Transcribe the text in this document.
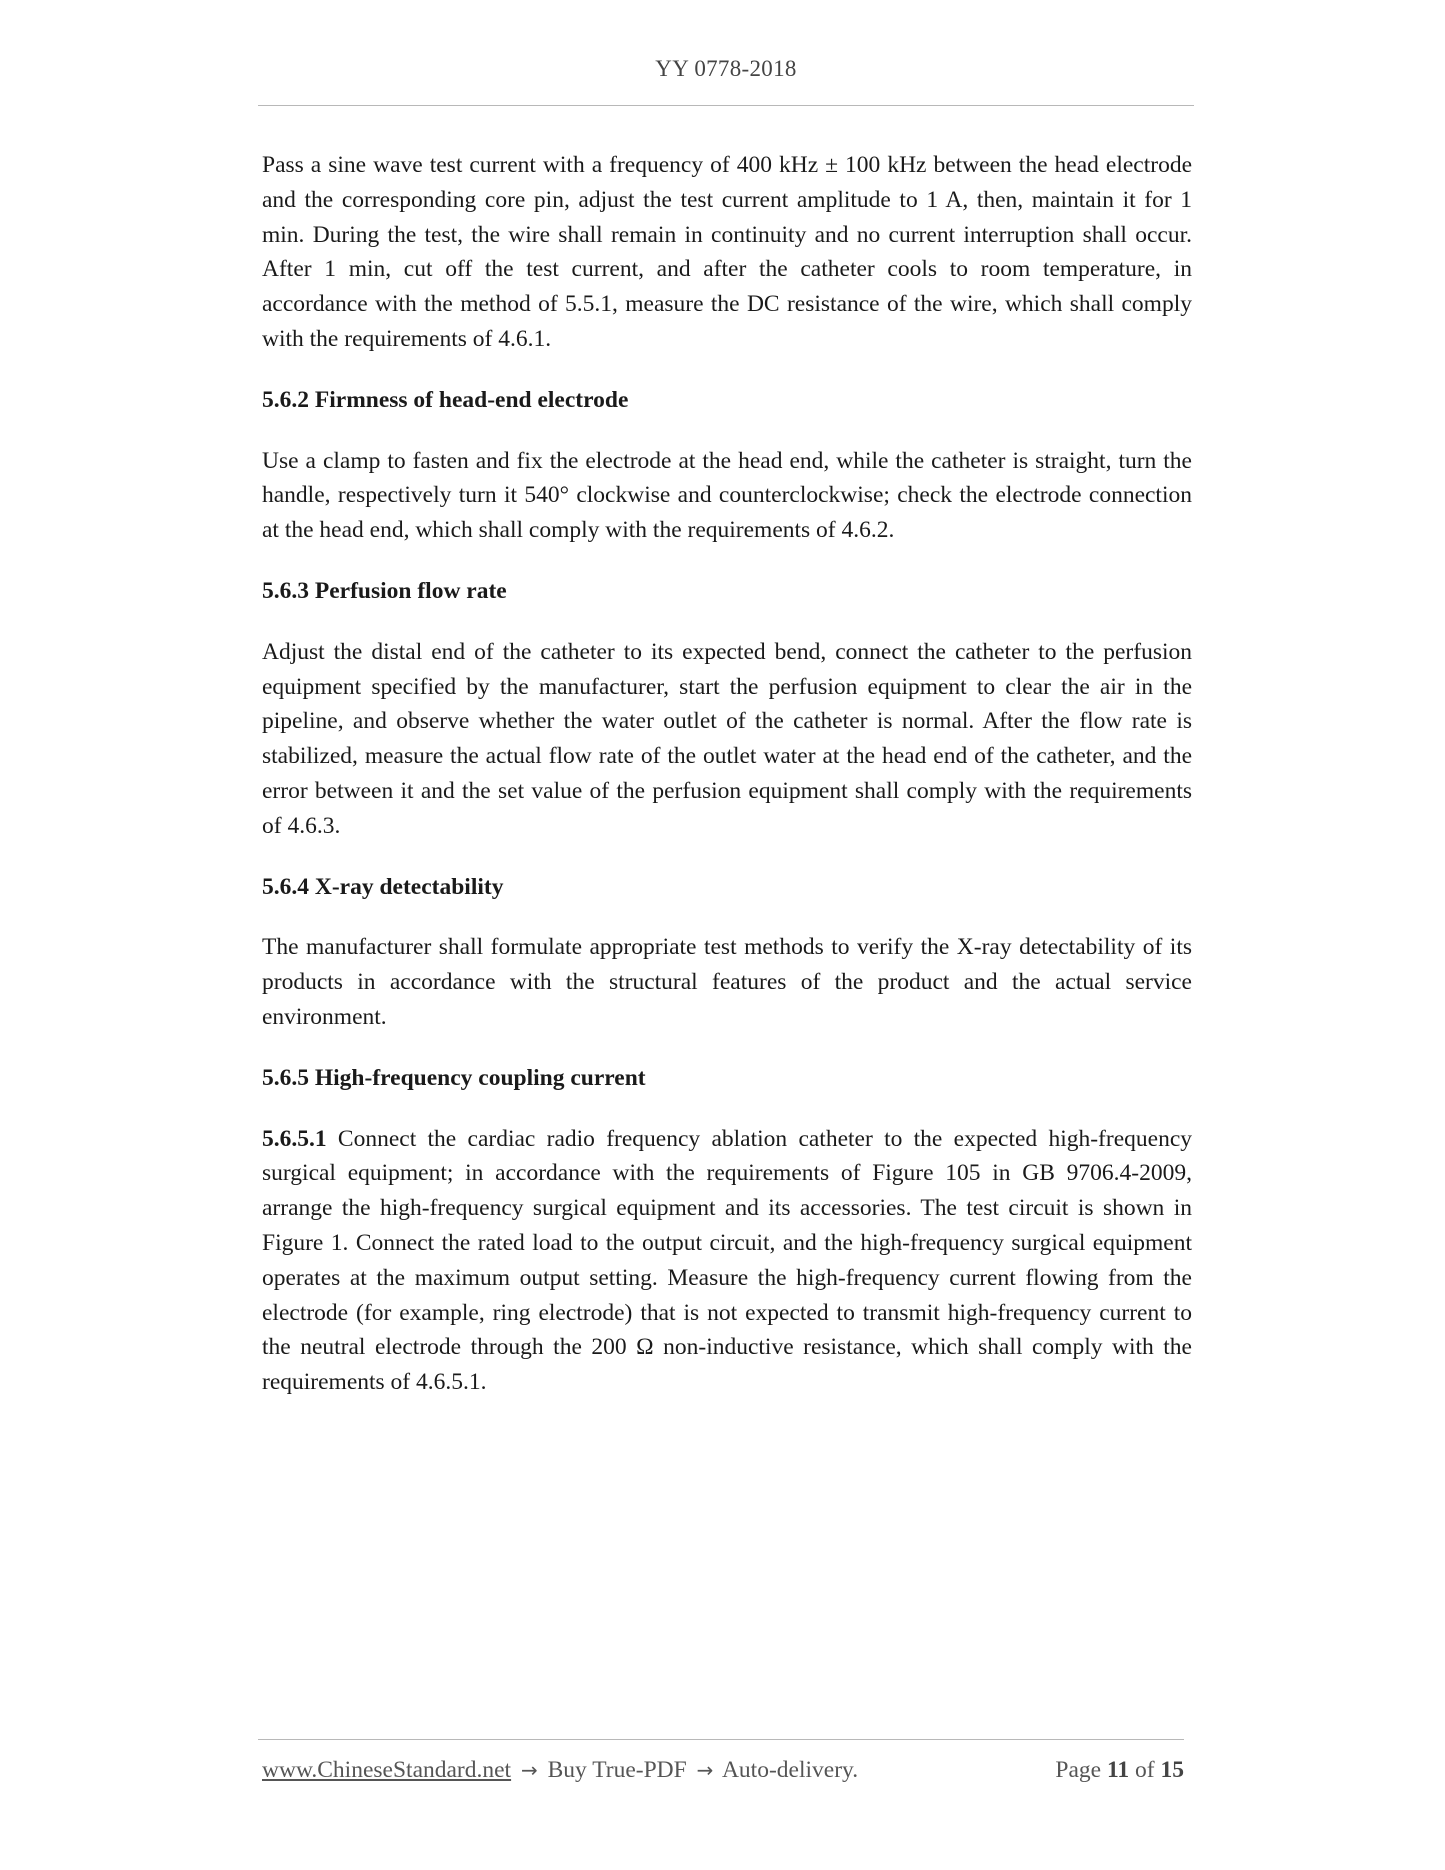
YY 0778-2018

Pass a sine wave test current with a frequency of 400 kHz ± 100 kHz between the head electrode and the corresponding core pin, adjust the test current amplitude to 1 A, then, maintain it for 1 min. During the test, the wire shall remain in continuity and no current interruption shall occur. After 1 min, cut off the test current, and after the catheter cools to room temperature, in accordance with the method of 5.5.1, measure the DC resistance of the wire, which shall comply with the requirements of 4.6.1.

5.6.2 Firmness of head-end electrode

Use a clamp to fasten and fix the electrode at the head end, while the catheter is straight, turn the handle, respectively turn it 540° clockwise and counterclockwise; check the electrode connection at the head end, which shall comply with the requirements of 4.6.2.

5.6.3 Perfusion flow rate

Adjust the distal end of the catheter to its expected bend, connect the catheter to the perfusion equipment specified by the manufacturer, start the perfusion equipment to clear the air in the pipeline, and observe whether the water outlet of the catheter is normal. After the flow rate is stabilized, measure the actual flow rate of the outlet water at the head end of the catheter, and the error between it and the set value of the perfusion equipment shall comply with the requirements of 4.6.3.

5.6.4 X-ray detectability

The manufacturer shall formulate appropriate test methods to verify the X-ray detectability of its products in accordance with the structural features of the product and the actual service environment.

5.6.5 High-frequency coupling current

5.6.5.1 Connect the cardiac radio frequency ablation catheter to the expected high-frequency surgical equipment; in accordance with the requirements of Figure 105 in GB 9706.4-2009, arrange the high-frequency surgical equipment and its accessories. The test circuit is shown in Figure 1. Connect the rated load to the output circuit, and the high-frequency surgical equipment operates at the maximum output setting. Measure the high-frequency current flowing from the electrode (for example, ring electrode) that is not expected to transmit high-frequency current to the neutral electrode through the 200 Ω non-inductive resistance, which shall comply with the requirements of 4.6.5.1.

www.ChineseStandard.net → Buy True-PDF → Auto-delivery.	Page 11 of 15
